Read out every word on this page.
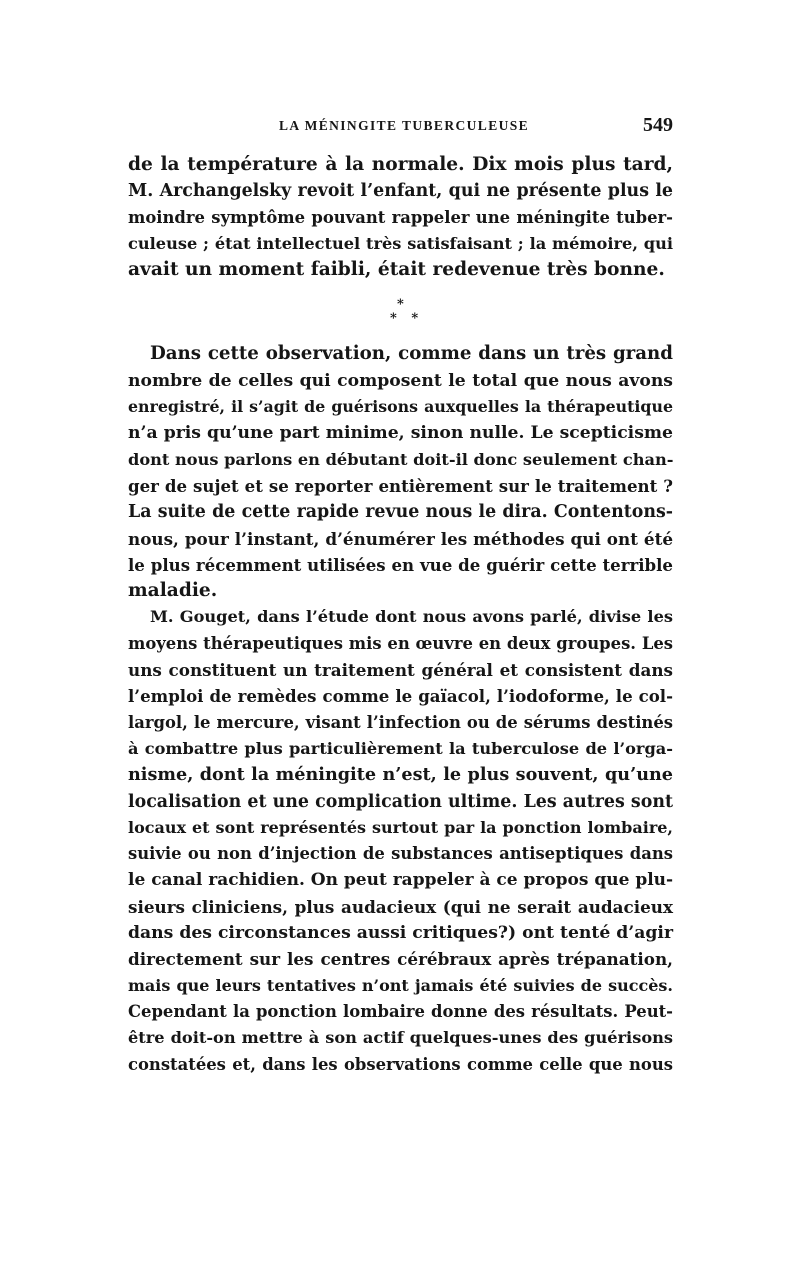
LA MÉNINGITE TUBERCULEUSE	549

de la température à la normale. Dix mois plus tard,
M. Archangelsky revoit l’enfant, qui ne présente plus le
moindre symptôme pouvant rappeler une méningite tuber-
culeuse ; état intellectuel très satisfaisant ; la mémoire, qui
avait un moment faibli, était redevenue très bonne.

*
* *

Dans cette observation, comme dans un très grand
nombre de celles qui composent le total que nous avons
enregistré, il s’agit de guérisons auxquelles la thérapeutique
n’a pris qu’une part minime, sinon nulle. Le scepticisme
dont nous parlons en débutant doit-il donc seulement chan-
ger de sujet et se reporter entièrement sur le traitement ?
La suite de cette rapide revue nous le dira. Contentons-
nous, pour l’instant, d’énumérer les méthodes qui ont été
le plus récemment utilisées en vue de guérir cette terrible
maladie.

M. Gouget, dans l’étude dont nous avons parlé, divise les
moyens thérapeutiques mis en œuvre en deux groupes. Les
uns constituent un traitement général et consistent dans
l’emploi de remèdes comme le gaïacol, l’iodoforme, le col-
largol, le mercure, visant l’infection ou de sérums destinés
à combattre plus particulièrement la tuberculose de l’orga-
nisme, dont la méningite n’est, le plus souvent, qu’une
localisation et une complication ultime. Les autres sont
locaux et sont représentés surtout par la ponction lombaire,
suivie ou non d’injection de substances antiseptiques dans
le canal rachidien. On peut rappeler à ce propos que plu-
sieurs cliniciens, plus audacieux (qui ne serait audacieux
dans des circonstances aussi critiques?) ont tenté d’agir
directement sur les centres cérébraux après trépanation,
mais que leurs tentatives n’ont jamais été suivies de succès.
Cependant la ponction lombaire donne des résultats. Peut-
être doit-on mettre à son actif quelques-unes des guérisons
constatées et, dans les observations comme celle que nous
